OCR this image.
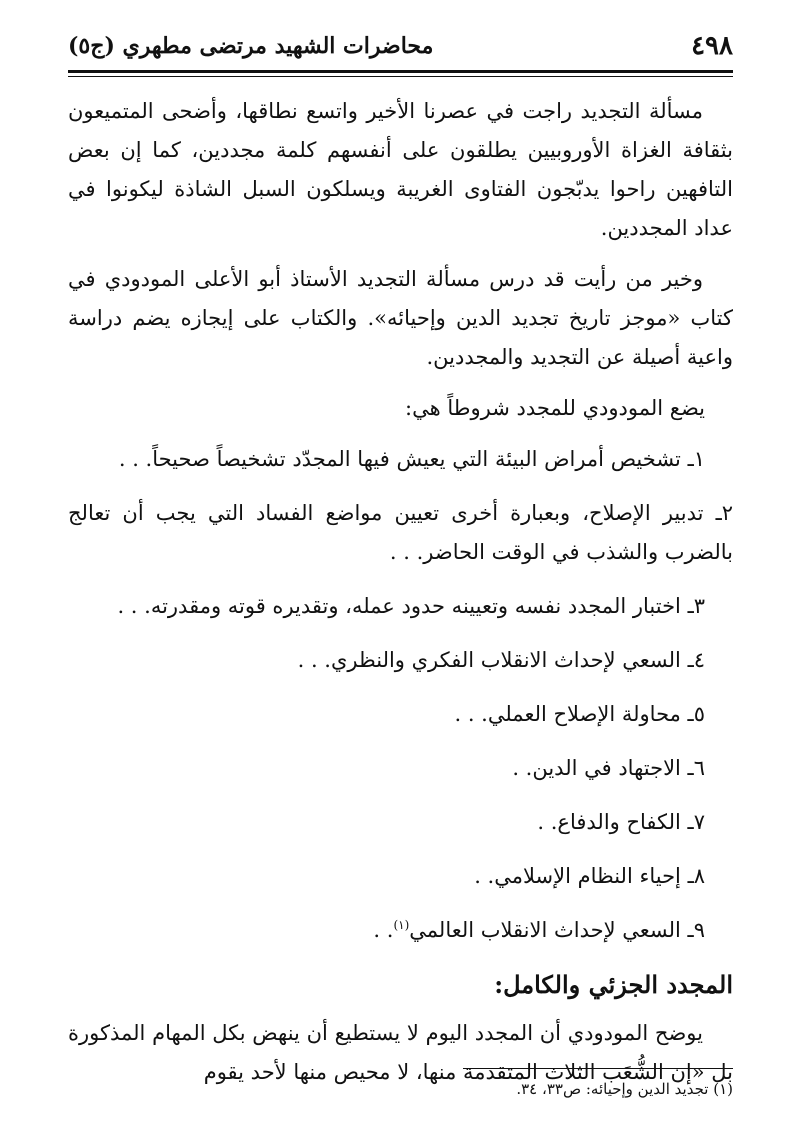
٤٩٨
محاضرات الشهيد مرتضى مطهري (ج٥)

مسألة التجديد راجت في عصرنا الأخير واتسع نطاقها، وأضحى المتميعون بثقافة الغزاة الأوروبيين يطلقون على أنفسهم كلمة مجددين، كما إن بعض التافهين راحوا يدبّجون الفتاوى الغريبة ويسلكون السبل الشاذة ليكونوا في عداد المجددين.

وخير من رأيت قد درس مسألة التجديد الأستاذ أبو الأعلى المودودي في كتاب «موجز تاريخ تجديد الدين وإحيائه». والكتاب على إيجازه يضم دراسة واعية أصيلة عن التجديد والمجددين.

يضع المودودي للمجدد شروطاً هي:

١ـ تشخيص أمراض البيئة التي يعيش فيها المجدّد تشخيصاً صحيحاً. . .

٢ـ تدبير الإصلاح، وبعبارة أخرى تعيين مواضع الفساد التي يجب أن تعالج بالضرب والشذب في الوقت الحاضر. . .

٣ـ اختبار المجدد نفسه وتعيينه حدود عمله، وتقديره قوته ومقدرته. . .

٤ـ السعي لإحداث الانقلاب الفكري والنظري. . .

٥ـ محاولة الإصلاح العملي. . .

٦ـ الاجتهاد في الدين. .

٧ـ الكفاح والدفاع. .

٨ـ إحياء النظام الإسلامي. .

٩ـ السعي لإحداث الانقلاب العالمي$^{(١)}$. .

المجدد الجزئي والكامل:

يوضح المودودي أن المجدد اليوم لا يستطيع أن ينهض بكل المهام المذكورة بل «إن الشُّعَب الثلاث المتقدمة منها، لا محيص منها لأحد يقوم

(١) تجديد الدين وإحيائه: ص٣٣، ٣٤.
